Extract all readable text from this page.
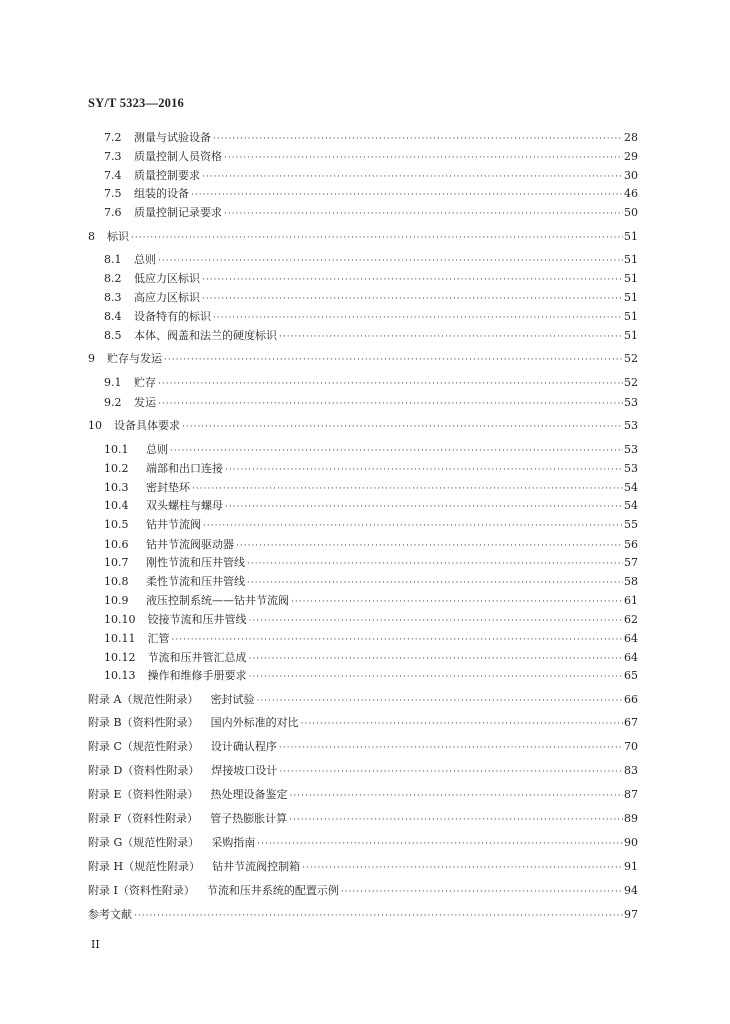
SY/T 5323—2016
7.2	测量与试验设备 ·····	28
7.3	质量控制人员资格 ·····	29
7.4	质量控制要求 ·····	30
7.5	组装的设备 ·····	46
7.6	质量控制记录要求 ·····	50
8	标识 ·····	51
8.1	总则 ·····	51
8.2	低应力区标识 ·····	51
8.3	高应力区标识 ·····	51
8.4	设备特有的标识 ·····	51
8.5	本体、阀盖和法兰的硬度标识 ·····	51
9	贮存与发运 ·····	52
9.1	贮存 ·····	52
9.2	发运 ·····	53
10	设备具体要求 ·····	53
10.1	总则 ·····	53
10.2	端部和出口连接 ·····	53
10.3	密封垫环 ·····	54
10.4	双头螺柱与螺母 ·····	54
10.5	钻井节流阀 ·····	55
10.6	钻井节流阀驱动器 ·····	56
10.7	刚性节流和压井管线 ·····	57
10.8	柔性节流和压井管线 ·····	58
10.9	液压控制系统——钻井节流阀 ·····	61
10.10	铰接节流和压井管线 ·····	62
10.11	汇管 ·····	64
10.12	节流和压井管汇总成 ·····	64
10.13	操作和维修手册要求 ·····	65
附录 A（规范性附录）	密封试验 ·····	66
附录 B（资料性附录）	国内外标准的对比 ·····	67
附录 C（规范性附录）	设计确认程序 ·····	70
附录 D（资料性附录）	焊接坡口设计 ·····	83
附录 E（资料性附录）	热处理设备鉴定 ·····	87
附录 F（资料性附录）	管子热膨胀计算 ·····	89
附录 G（规范性附录）	采购指南 ·····	90
附录 H（规范性附录）	钻井节流阀控制箱 ·····	91
附录 I（资料性附录）	节流和压井系统的配置示例 ·····	94
参考文献 ·····	97
II
